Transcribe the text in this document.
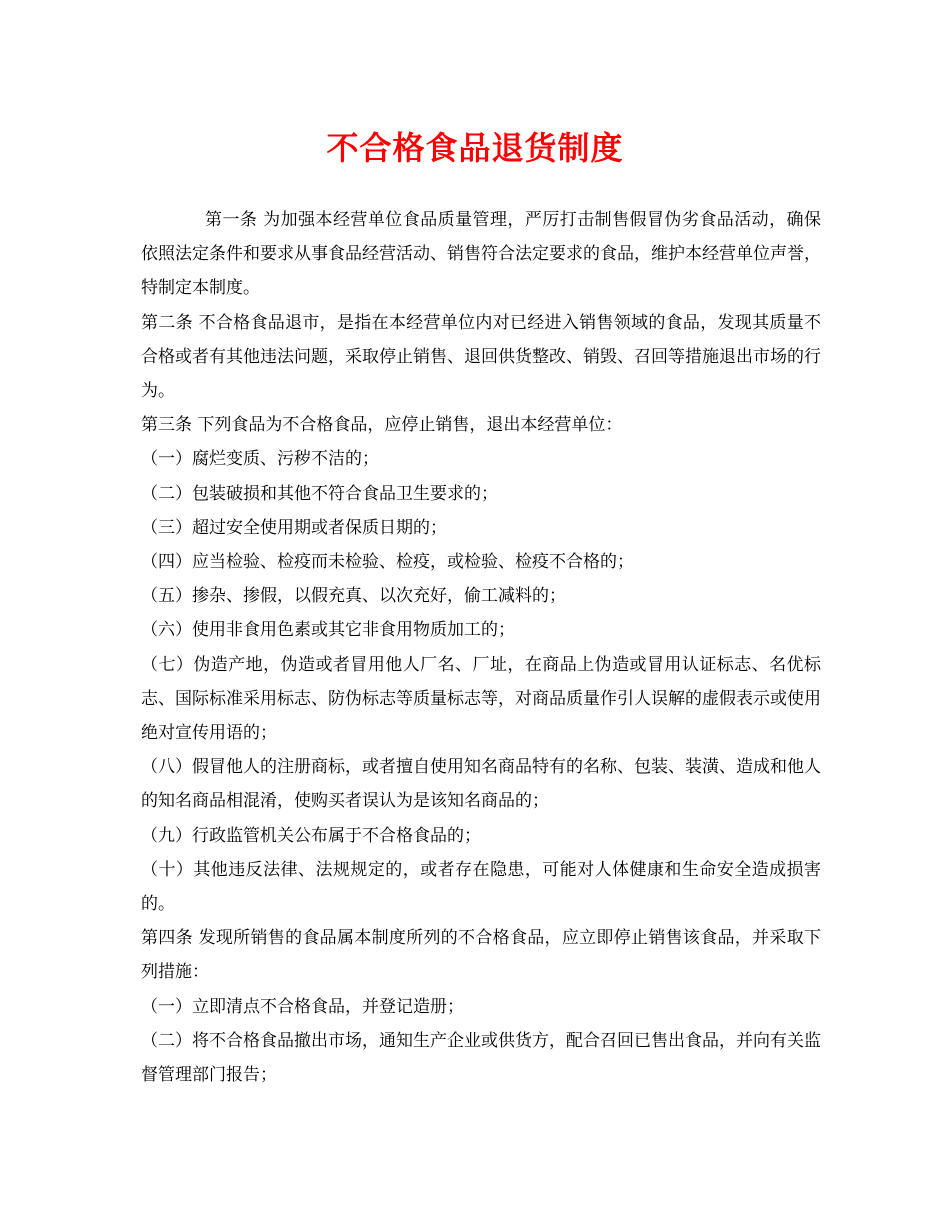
不合格食品退货制度

第一条 为加强本经营单位食品质量管理，严厉打击制售假冒伪劣食品活动，确保依照法定条件和要求从事食品经营活动、销售符合法定要求的食品，维护本经营单位声誉，特制定本制度。

第二条 不合格食品退市，是指在本经营单位内对已经进入销售领域的食品，发现其质量不合格或者有其他违法问题，采取停止销售、退回供货整改、销毁、召回等措施退出市场的行为。

第三条 下列食品为不合格食品，应停止销售，退出本经营单位：

（一）腐烂变质、污秽不洁的；

（二）包装破损和其他不符合食品卫生要求的；

（三）超过安全使用期或者保质日期的；

（四）应当检验、检疫而未检验、检疫，或检验、检疫不合格的；

（五）掺杂、掺假，以假充真、以次充好，偷工减料的；

（六）使用非食用色素或其它非食用物质加工的；

（七）伪造产地，伪造或者冒用他人厂名、厂址，在商品上伪造或冒用认证标志、名优标志、国际标准采用标志、防伪标志等质量标志等，对商品质量作引人误解的虚假表示或使用绝对宣传用语的；

（八）假冒他人的注册商标，或者擅自使用知名商品特有的名称、包装、装潢、造成和他人的知名商品相混淆，使购买者误认为是该知名商品的；

（九）行政监管机关公布属于不合格食品的；

（十）其他违反法律、法规规定的，或者存在隐患，可能对人体健康和生命安全造成损害的。

第四条 发现所销售的食品属本制度所列的不合格食品，应立即停止销售该食品，并采取下列措施：

（一）立即清点不合格食品，并登记造册；

（二）将不合格食品撤出市场，通知生产企业或供货方，配合召回已售出食品，并向有关监督管理部门报告；
